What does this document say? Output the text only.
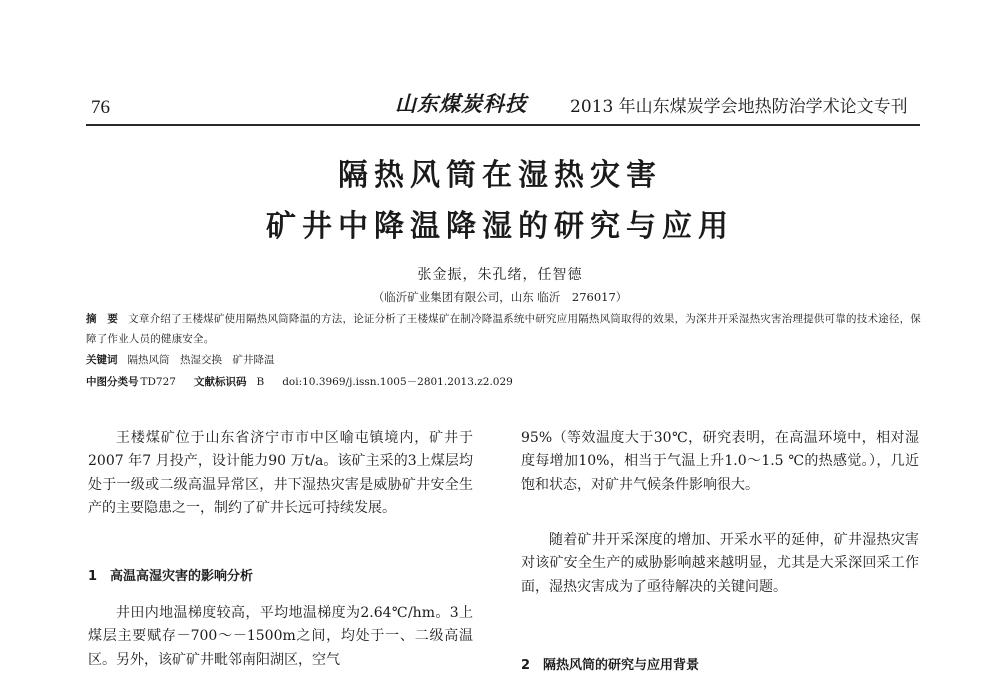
76	山东煤炭科技	2013 年山东煤炭学会地热防治学术论文专刊
隔热风筒在湿热灾害
矿井中降温降湿的研究与应用
张金振，朱孔绪，任智德
（临沂矿业集团有限公司，山东 临沂　276017）
摘　要 文章介绍了王楼煤矿使用隔热风筒降温的方法，论证分析了王楼煤矿在制冷降温系统中研究应用隔热风筒取得的效果，为深井开采湿热灾害治理提供可靠的技术途径，保障了作业人员的健康安全。
关键词 隔热风筒　热湿交换　矿井降温
中图分类号 TD727 文献标识码 B doi:10.3969/j.issn.1005－2801.2013.z2.029

王楼煤矿位于山东省济宁市市中区喻屯镇境内，矿井于2007 年7 月投产，设计能力90 万t/a。该矿主采的3上煤层均处于一级或二级高温异常区，井下湿热灾害是威胁矿井安全生产的主要隐患之一，制约了矿井长远可持续发展。

1　高温高湿灾害的影响分析

井田内地温梯度较高，平均地温梯度为2.64℃/hm。3上煤层主要赋存－700～－1500m之间，均处于一、二级高温区。另外，该矿矿井毗邻南阳湖区，空气

95%（等效温度大于30℃，研究表明，在高温环境中，相对湿度每增加10%，相当于气温上升1.0～1.5 ℃的热感觉。），几近饱和状态，对矿井气候条件影响很大。

随着矿井开采深度的增加、开采水平的延伸，矿井湿热灾害对该矿安全生产的威胁影响越来越明显，尤其是大采深回采工作面，湿热灾害成为了亟待解决的关键问题。

2　隔热风筒的研究与应用背景
